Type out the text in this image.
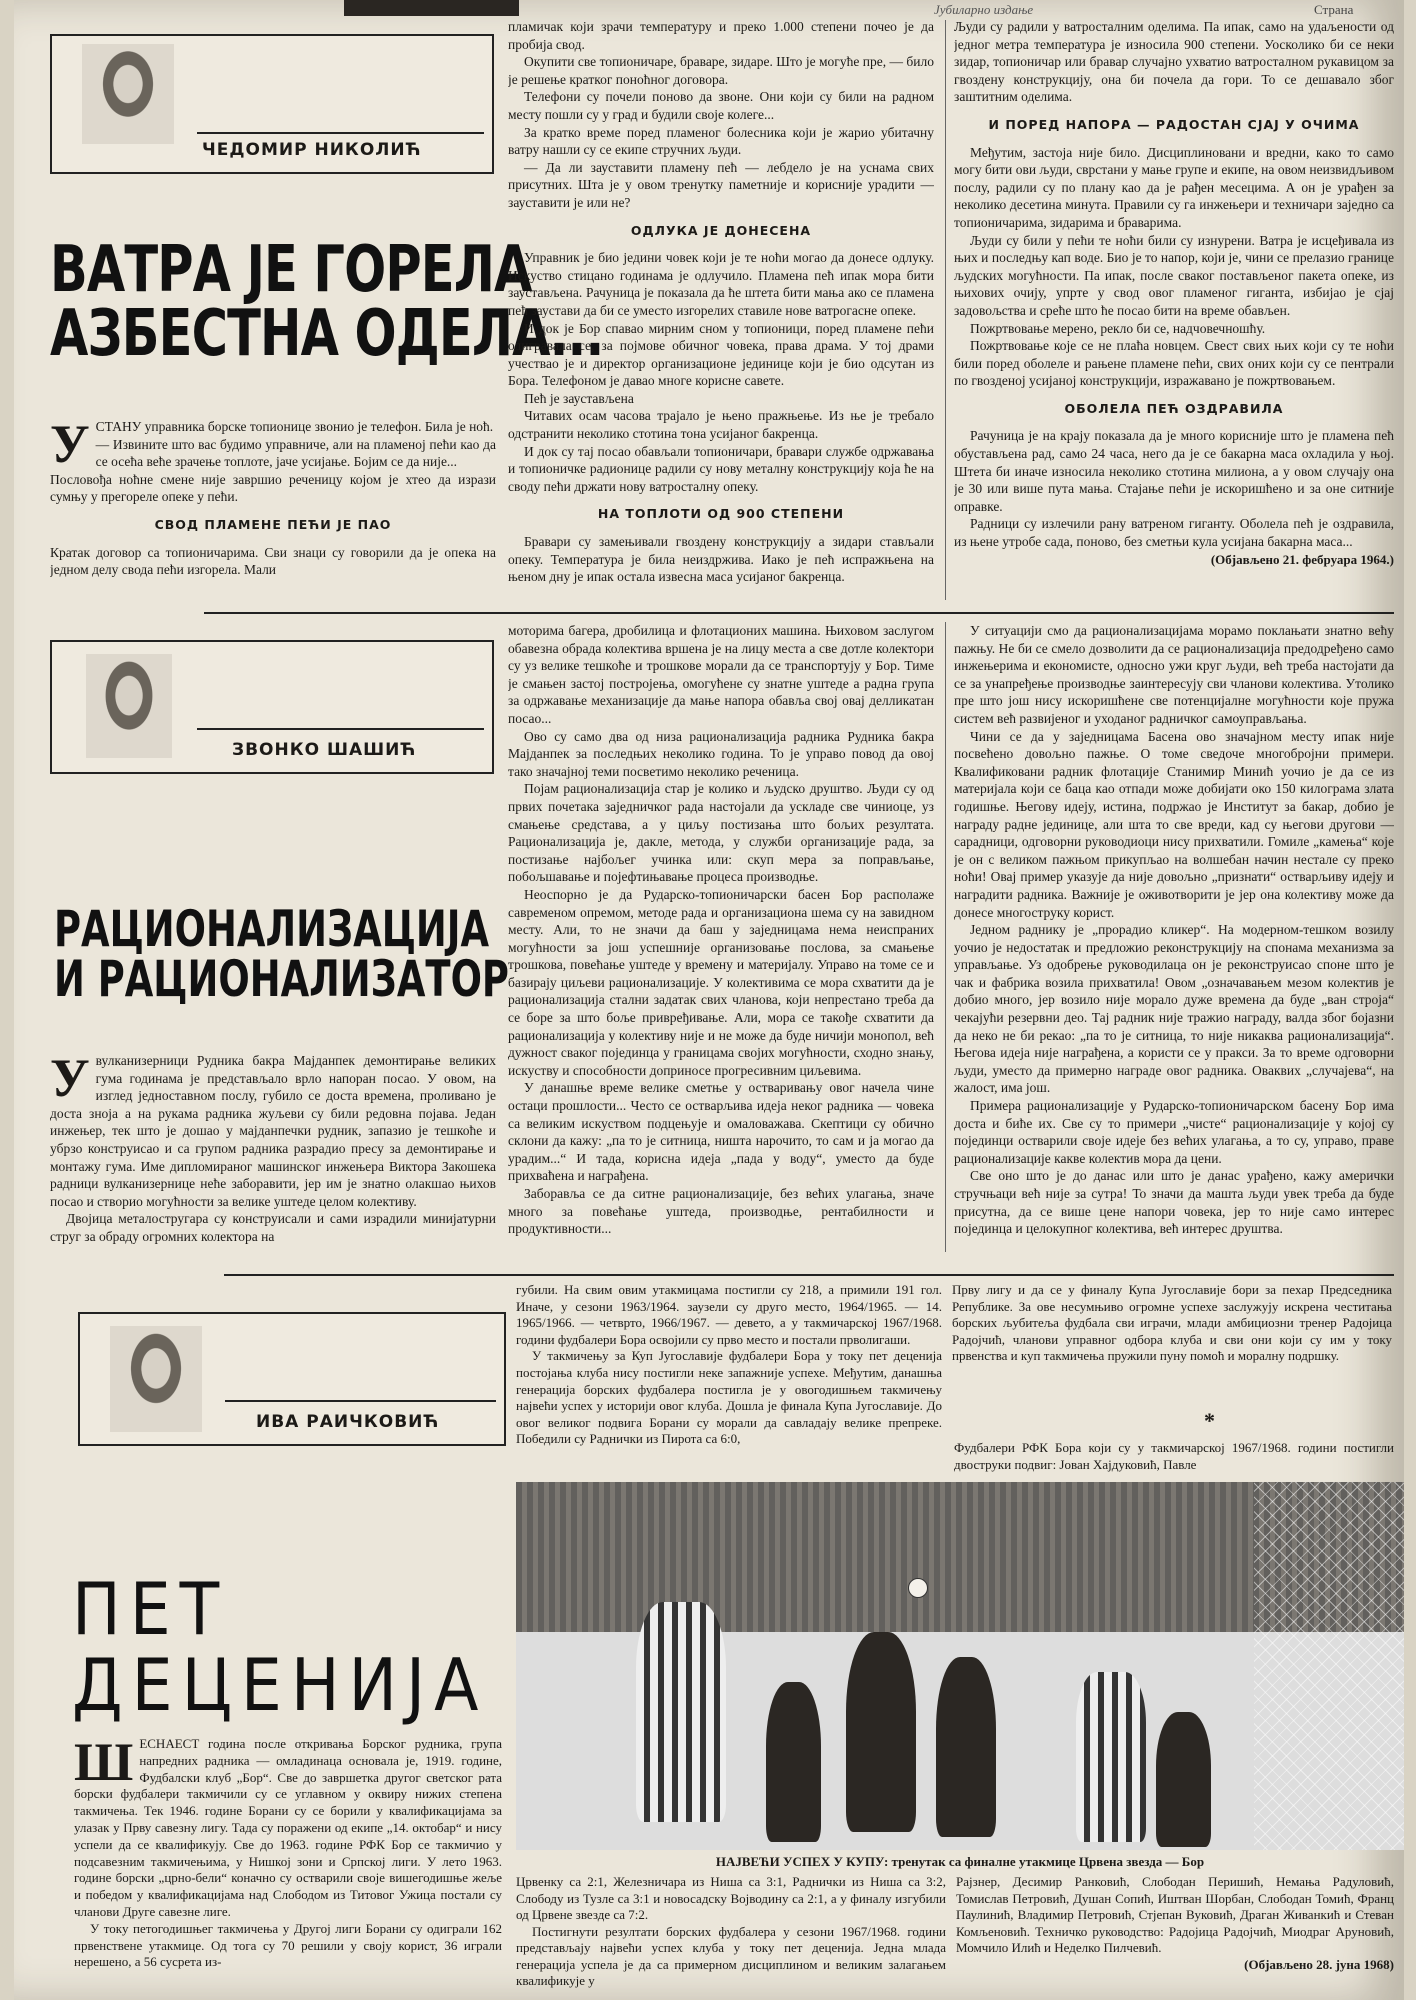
Јубиларно издање	Страна
ЧЕДОМИР НИКОЛИЋ
ВАТРА ЈЕ ГОРЕЛА
АЗБЕСТНА ОДЕЛА...
У СТАНУ управника борске топионице звонио је телефон. Била је ноћ.
— Извините што вас будимо управниче, али на пламеној пећи као да се осећа веће зрачење топлоте, јаче усијање. Бојим се да није...
Пословођа ноћне смене није завршио реченицу којом је хтео да изрази сумњу у прегореле опеке у пећи.
СВОД ПЛАМЕНЕ ПЕЋИ ЈЕ ПАО
Кратак договор са топионичарима. Сви знаци су говорили да је опека на једном делу свода пећи изгорела. Мали

пламичак који зрачи температуру и преко 1.000 степени почео је да пробија свод.

Окупити све топионичаре, браваре, зидаре. Што је могуће пре, — било је решење кратког поноћног договора.

Телефони су почели поново да звоне. Они који су били на радном месту пошли су у град и будили своје колеге...

За кратко време поред пламеног болесника који је жарио убитачну ватру нашли су се екипе стручних људи.

— Да ли зауставити пламену пећ — лебдело је на уснама свих присутних. Шта је у овом тренутку паметније и корисније урадити — зауставити је или не?

ОДЛУКА ЈЕ ДОНЕСЕНА

Управник је био једини човек који је те ноћи могао да донесе одлуку. Искуство стицано годинама је одлучило. Пламена пећ ипак мора бити заустављена. Рачуница је показала да ће штета бити мања ако се пламена пећ заустави да би се уместо изгорелих ставиле нове ватрогасне опеке.

И док је Бор спавао мирним сном у топионици, поред пламене пећи одигравала се, за појмове обичног човека, права драма. У тој драми учествао је и директор организационе јединице који је био одсутан из Бора. Телефоном је давао многе корисне савете.

Пећ је заустављена

Читавих осам часова трајало је њено пражњење. Из ње је требало одстранити неколико стотина тона усијаног бакренца.

И док су тај посао обављали топионичари, бравари службе одржавања и топионичке радионице радили су нову металну конструкцију која ће на своду пећи држати нову ватросталну опеку.

НА ТОПЛОТИ ОД 900 СТЕПЕНИ

Бравари су замењивали гвоздену конструкцију а зидари стављали опеку. Температура је била неиздржива. Иако је пећ испражњена на њеном дну је ипак остала извесна маса усијаног бакренца.

Људи су радили у ватросталним оделима. Па ипак, само на удаљености од једног метра температура је износила 900 степени. Уосколико би се неки зидар, топионичар или бравар случајно ухватио ватросталном рукавицом за гвоздену конструкцију, она би почела да гори. То се дешавало због заштитним оделима.

И ПОРЕД НАПОРА — РАДОСТАН СЈАЈ У ОЧИМА

Међутим, застоја није било. Дисциплиновани и вредни, како то само могу бити ови људи, сврстани у мање групе и екипе, на овом неизвидљивом послу, радили су по плану као да је рађен месецима. А он је урађен за неколико десетина минута. Правили су га инжењери и техничари заједно са топионичарима, зидарима и браварима.

Људи су били у пећи те ноћи били су изнурени. Ватра је исцеђивала из њих и последњу кап воде. Био је то напор, који је, чини се прелазио границе људских могућности. Па ипак, после сваког постављеног пакета опеке, из њихових очију, упрте у свод овог пламеног гиганта, избијао је сјај задовољства и среће што ће посао бити на време обављен.

Пожртвовање мерено, рекло би се, надчовечношћу.

Пожртвовање које се не плаћа новцем. Свест свих њих који су те ноћи били поред оболеле и рањене пламене пећи, свих оних који су се пентрали по гвозденој усијаној конструкцији, изражавано је пожртвовањем.

ОБОЛЕЛА ПЕЋ ОЗДРАВИЛА

Рачуница је на крају показала да је много корисније што је пламена пећ обустављена рад, само 24 часа, него да је се бакарна маса охладила у њој. Штета би иначе износила неколико стотина милиона, а у овом случају она је 30 или више пута мања. Стајање пећи је искоришћено и за оне ситније оправке.

Радници су излечили рану ватреном гиганту. Оболела пећ је оздравила, из њене утробе сада, поново, без сметњи кула усијана бакарна маса...

(Објављено 21. фебруара 1964.)
ЗВОНКО ШАШИЋ
РАЦИОНАЛИЗАЦИЈА
И РАЦИОНАЛИЗАТОР
У вулканизерници Рудника бакра Мајданпек демонтирање великих гума годинама је представљало врло напоран посао. У овом, на изглед једноставном послу, губило се доста времена, проливано је доста зноја а на рукама радника жуљеви су били редовна појава. Један инжењер, тек што је дошао у мајданпечки рудник, запазио је тешкоће и убрзо конструисао и са групом радника разрадио пресу за демонтирање и монтажу гума. Име дипломираног машинског инжењера Виктора Закошека радници вулканизерницe неће заборавити, јер им је знатно олакшао њихов посао и створио могућности за велике уштеде целом колективу.
Двојица металостругара су конструисали и сами израдили минијатурни струг за обраду огромних колектора на

моторима багера, дробилица и флотационих машина. Њиховом заслугом обавезна обрада колектива вршена је на лицу места а све дотле колектори су уз велике тешкоће и трошкове морали да се транспортују у Бор. Тиме је смањен застој постројења, омогућене су знатне уштеде а радна група за одржавање механизације да мање напора обавља свој овај делликатан посао...

Ово су само два од низа рационализација радника Рудника бакра Мајданпек за последњих неколико година. То је управо повод да овој тако значајној теми посветимо неколико реченица.

Појам рационализација стар је колико и људско друштво. Људи су од првих почетака заједничког рада настојали да ускладе све чиниоце, уз смањење средстава, а у циљу постизања што бољих резултата. Рационализација је, дакле, метода, у служби организације рада, за постизање најбољег учинка или: скуп мера за поправљање, побољшавање и појефтињавање процеса производње.

Неоспорно је да Рударско-топионичарски басен Бор располаже савременом опремом, методе рада и организациона шема су на завидном месту. Али, то не значи да баш у заједницама нема неиспраних могућности за још успешније организовање послова, за смањење трошкова, повећање уштеде у времену и материјалу. Управо на томе се и базирају циљеви рационализације. У колективима се мора схватити да је рационализација стални задатак свих чланова, који непрестано треба да се боре за што боље привређивање. Али, мора се такође схватити да рационализација у колективу није и не може да буде ничији монопол, већ дужност сваког појединца у границама својих могућности, сходно знању, искуству и способности доприносе прогресивним циљевима.

У данашње време велике сметње у остваривању овог начела чине остаци прошлости... Често се остварљива идеја неког радника — човека са великим искуством подцењује и омаловажава. Скептици су обично склони да кажу: „па то је ситница, ништа нарочито, то сам и ја могао да урадим...“ И тада, корисна идеја „пада у воду“, уместо да буде прихваћена и награђена.

Заборавља се да ситне рационализације, без већих улагања, значе много за повећање уштеда, производње, рентабилности и продуктивности...

У ситуацији смо да рационализацијама морамо поклањати знатно већу пажњу. Не би се смело дозволити да се рационализација предодређено само инжењерима и економистe, односно ужи круг људи, већ треба настојати да се за унапређење производње заинтересују сви чланови колектива. Утолико пре што још нису искоришћене све потенцијалне могућности које пружа систем већ развијеног и уходаног радничког самоуправљања.

Чини се да у заједницама Басена ово значајном месту ипак није посвећено довољно пажње. О томе сведоче многобројни примери. Квалификовани радник флотације Станимир Минић уочио је да се из материјала који се баца као отпади може добијати око 150 килограма злата годишње. Његову идеју, истина, подржао је Институт за бакар, добио је награду радне јединице, али шта то све вреди, кад су његови другови — сарадници, одговорни руководиоци нису прихватили. Гомиле „камења“ које је он с великом пажњом прикупљао на волшебан начин нестале су преко ноћи! Овај пример указује да није довољно „признати“ остварљиву идеју и наградити радника. Важније је оживотворити је јер она колективу може да донесе многоструку корист.

Једном раднику је „прорадио кликер“. На модерном-тешком возилу уочио је недостатак и предложио реконструкцију на спонама механизма за управљање. Уз одобрење руководилаца он је реконструисао споне што је чак и фабрика возила прихватила! Овом „означавањем мезом колектив је добио много, јер возило није морало дуже времена да буде „ван строја“ чекајући резервни део. Тај радник није тражио награду, валда због бојазни да неко не би рекао: „па то је ситница, то није никаква рационализација“. Његова идеја није награђена, а користи се у пракси. За то време одговорни људи, уместо да примерно награде овог радника. Оваквих „случајева“, на жалост, има још.

Примера рационализације у Рударско-топионичарском басену Бор има доста и биће их. Све су то примери „чисте“ рационализације у којој су појединци остварили своје идеје без већих улагања, а то су, управо, праве рационализације какве колектив мора да цени.

Све оно што је до данас или што је данас урађено, кажу амерички стручњаци већ није за сутра! То значи да машта људи увек треба да буде присутна, да се више цене напори човека, јер то није само интерес појединца и целокупног колектива, већ интерес друштва.

ИВА РАИЧКОВИЋ
ПЕТ
ДЕЦЕНИЈА
Ш ЕСНАЕСТ година после откривања Борског рудника, група напредних радника — омладинаца основала је, 1919. године, Фудбалски клуб „Бор“. Све до завршетка другог светског рата борски фудбалери такмичили су се углавном у оквиру нижих степена такмичења. Тек 1946. године Борани су се борили у квалификацијама за улазак у Прву савезну лигу. Тада су поражени од екипе „14. октобар“ и нису успели да се квалификују. Све до 1963. године РФК Бор се такмичио у подсавезним такмичењима, у Нишкој зони и Српској лиги. У лето 1963. године борски „црно-бели“ коначно су остварили своје вишегодишње жеље и победом у квалификацијама над Слободом из Титовог Ужица постали су чланови Друге савезне лиге.
У току петогодишњег такмичења у Другој лиги Борани су одиграли 162 првенствене утакмице. Од тога су 70 решили у своју корист, 36 играли нерешено, а 56 сусрета из-

губили. На свим овим утакмицама постигли су 218, а примили 191 гол. Иначе, у сезони 1963/1964. заузели су друго место, 1964/1965. — 14. 1965/1966. — четврто, 1966/1967. — девето, а у такмичарској 1967/1968. години фудбалери Бора освојили су прво место и постали прволигаши.

У такмичењу за Куп Југославије фудбалери Бора у току пет деценија постојања клуба нису постигли неке запажније успехе. Међутим, данашња генерација борских фудбалера постигла је у овогодишњем такмичењу највећи успех у историји овог клуба. Дошла је финала Купа Југославије. До овог великог подвига Борани су морали да савладају велике препреке. Победили су Раднички из Пирота са 6:0,

Прву лигу и да се у финалу Купа Југославије бори за пехар Председника Републике. За ове несумњиво огромне успехе заслужују искрена честитања борских љубитеља фудбала сви играчи, млади амбициозни тренер Радојица Радојчић, чланови управног одбора клуба и сви они који су им у току првенства и куп такмичења пружили пуну помоћ и моралну подршку.

*
Фудбалери РФК Бора који су у такмичарској 1967/1968. години постигли двоструки подвиг: Јован Хајдуковић, Павле
НАЈВЕЋИ УСПЕХ У КУПУ: тренутак са финалне утакмице Црвена звезда — Бор
Црвенку са 2:1, Железничара из Ниша са 3:1, Раднички из Ниша са 3:2, Слободу из Тузле са 3:1 и новосадску Војводину са 2:1, а у финалу изгубили од Црвене звезде са 7:2.
Постигнути резултати борских фудбалера у сезони 1967/1968. години представљају највећи успех клуба у току пет деценија. Једна млада генерација успела је да са примерном дисциплином и великим залагањем квалификује у
Рајзнер, Десимир Ранковић, Слободан Перишић, Немања Радуловић, Томислав Петровић, Душан Сопић, Иштван Шорбан, Слободан Томић, Франц Паулинић, Владимир Петровић, Стјепан Вуковић, Драган Живанкић и Стеван Комљеновић. Техничко руководство: Радојица Радојчић, Миодраг Аруновић, Момчило Илић и Неделко Пилчевић.
(Објављено 28. јуна 1968)
